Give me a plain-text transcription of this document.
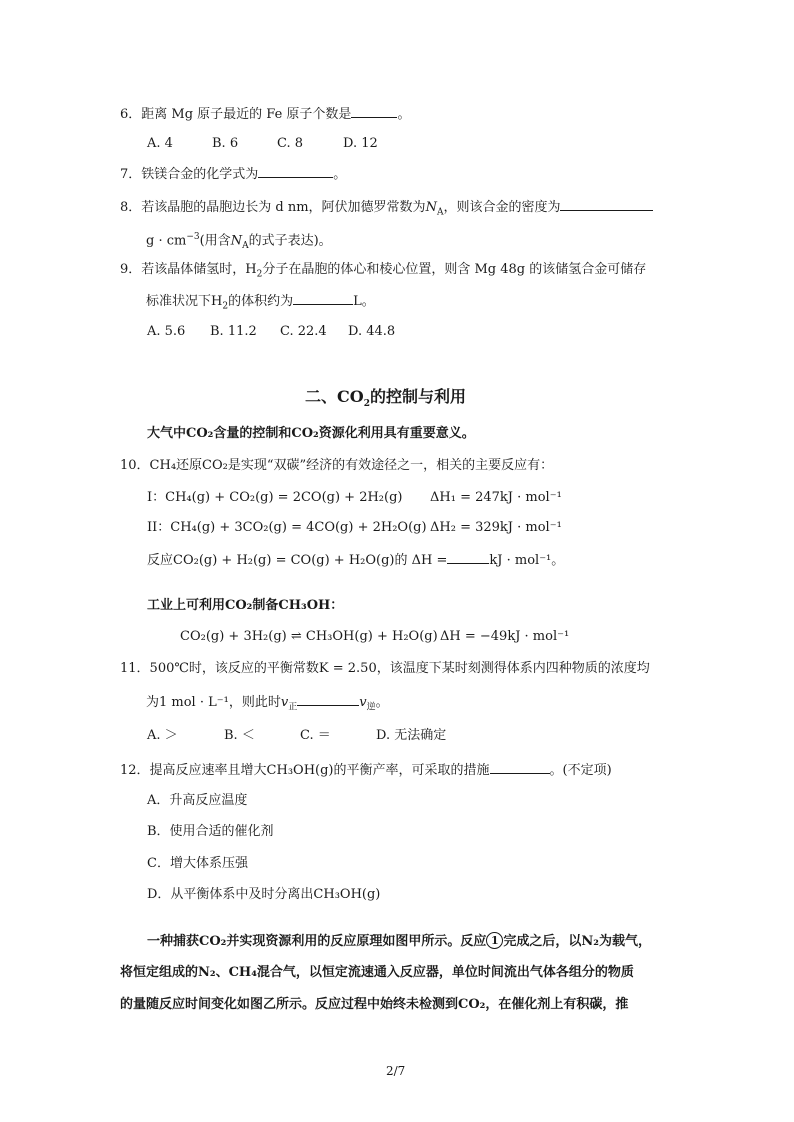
6．距离 Mg 原子最近的 Fe 原子个数是	。
A. 4	B. 6	C. 8	D. 12
7．铁镁合金的化学式为	。
8．若该晶胞的晶胞边长为 d nm，阿伏加德罗常数为$N_A$，则该合金的密度为
$g \cdot cm^{-3}$(用含$N_A$的式子表达)。
9．若该晶体储氢时，$H_2$分子在晶胞的体心和棱心位置，则含 Mg 48g 的该储氢合金可储存
标准状况下$H_2$的体积约为	L。
A. 5.6 B. 11.2 C. 22.4 D. 44.8
二、$CO_2$的控制与利用
大气中CO₂含量的控制和CO₂资源化利用具有重要意义。
10．CH₄还原CO₂是实现“双碳”经济的有效途径之一，相关的主要反应有：
I：CH₄(g) + CO₂(g) = 2CO(g) + 2H₂(g) ΔH₁ = 247kJ · mol⁻¹
II：CH₄(g) + 3CO₂(g) = 4CO(g) + 2H₂O(g) ΔH₂ = 329kJ · mol⁻¹
反应CO₂(g) + H₂(g) = CO(g) + H₂O(g)的 ΔH =	kJ · mol⁻¹。
工业上可利用CO₂制备CH₃OH：
CO₂(g) + 3H₂(g) ⇌ CH₃OH(g) + H₂O(g) ΔH = −49kJ · mol⁻¹
11．500℃时，该反应的平衡常数K = 2.50，该温度下某时刻测得体系内四种物质的浓度均
为1 mol · L⁻¹，则此时$v_正$	$v_逆$。
A. ＞	B. ＜	C. ＝	D. 无法确定
12．提高反应速率且增大CH₃OH(g)的平衡产率，可采取的措施	。(不定项)
A．升高反应温度
B．使用合适的催化剂
C．增大体系压强
D．从平衡体系中及时分离出CH₃OH(g)
一种捕获CO₂并实现资源利用的反应原理如图甲所示。反应 1 完成之后，以N₂为载气，
将恒定组成的N₂、CH₄混合气，以恒定流速通入反应器，单位时间流出气体各组分的物质
的量随反应时间变化如图乙所示。反应过程中始终未检测到CO₂，在催化剂上有积碳，推
2/7
